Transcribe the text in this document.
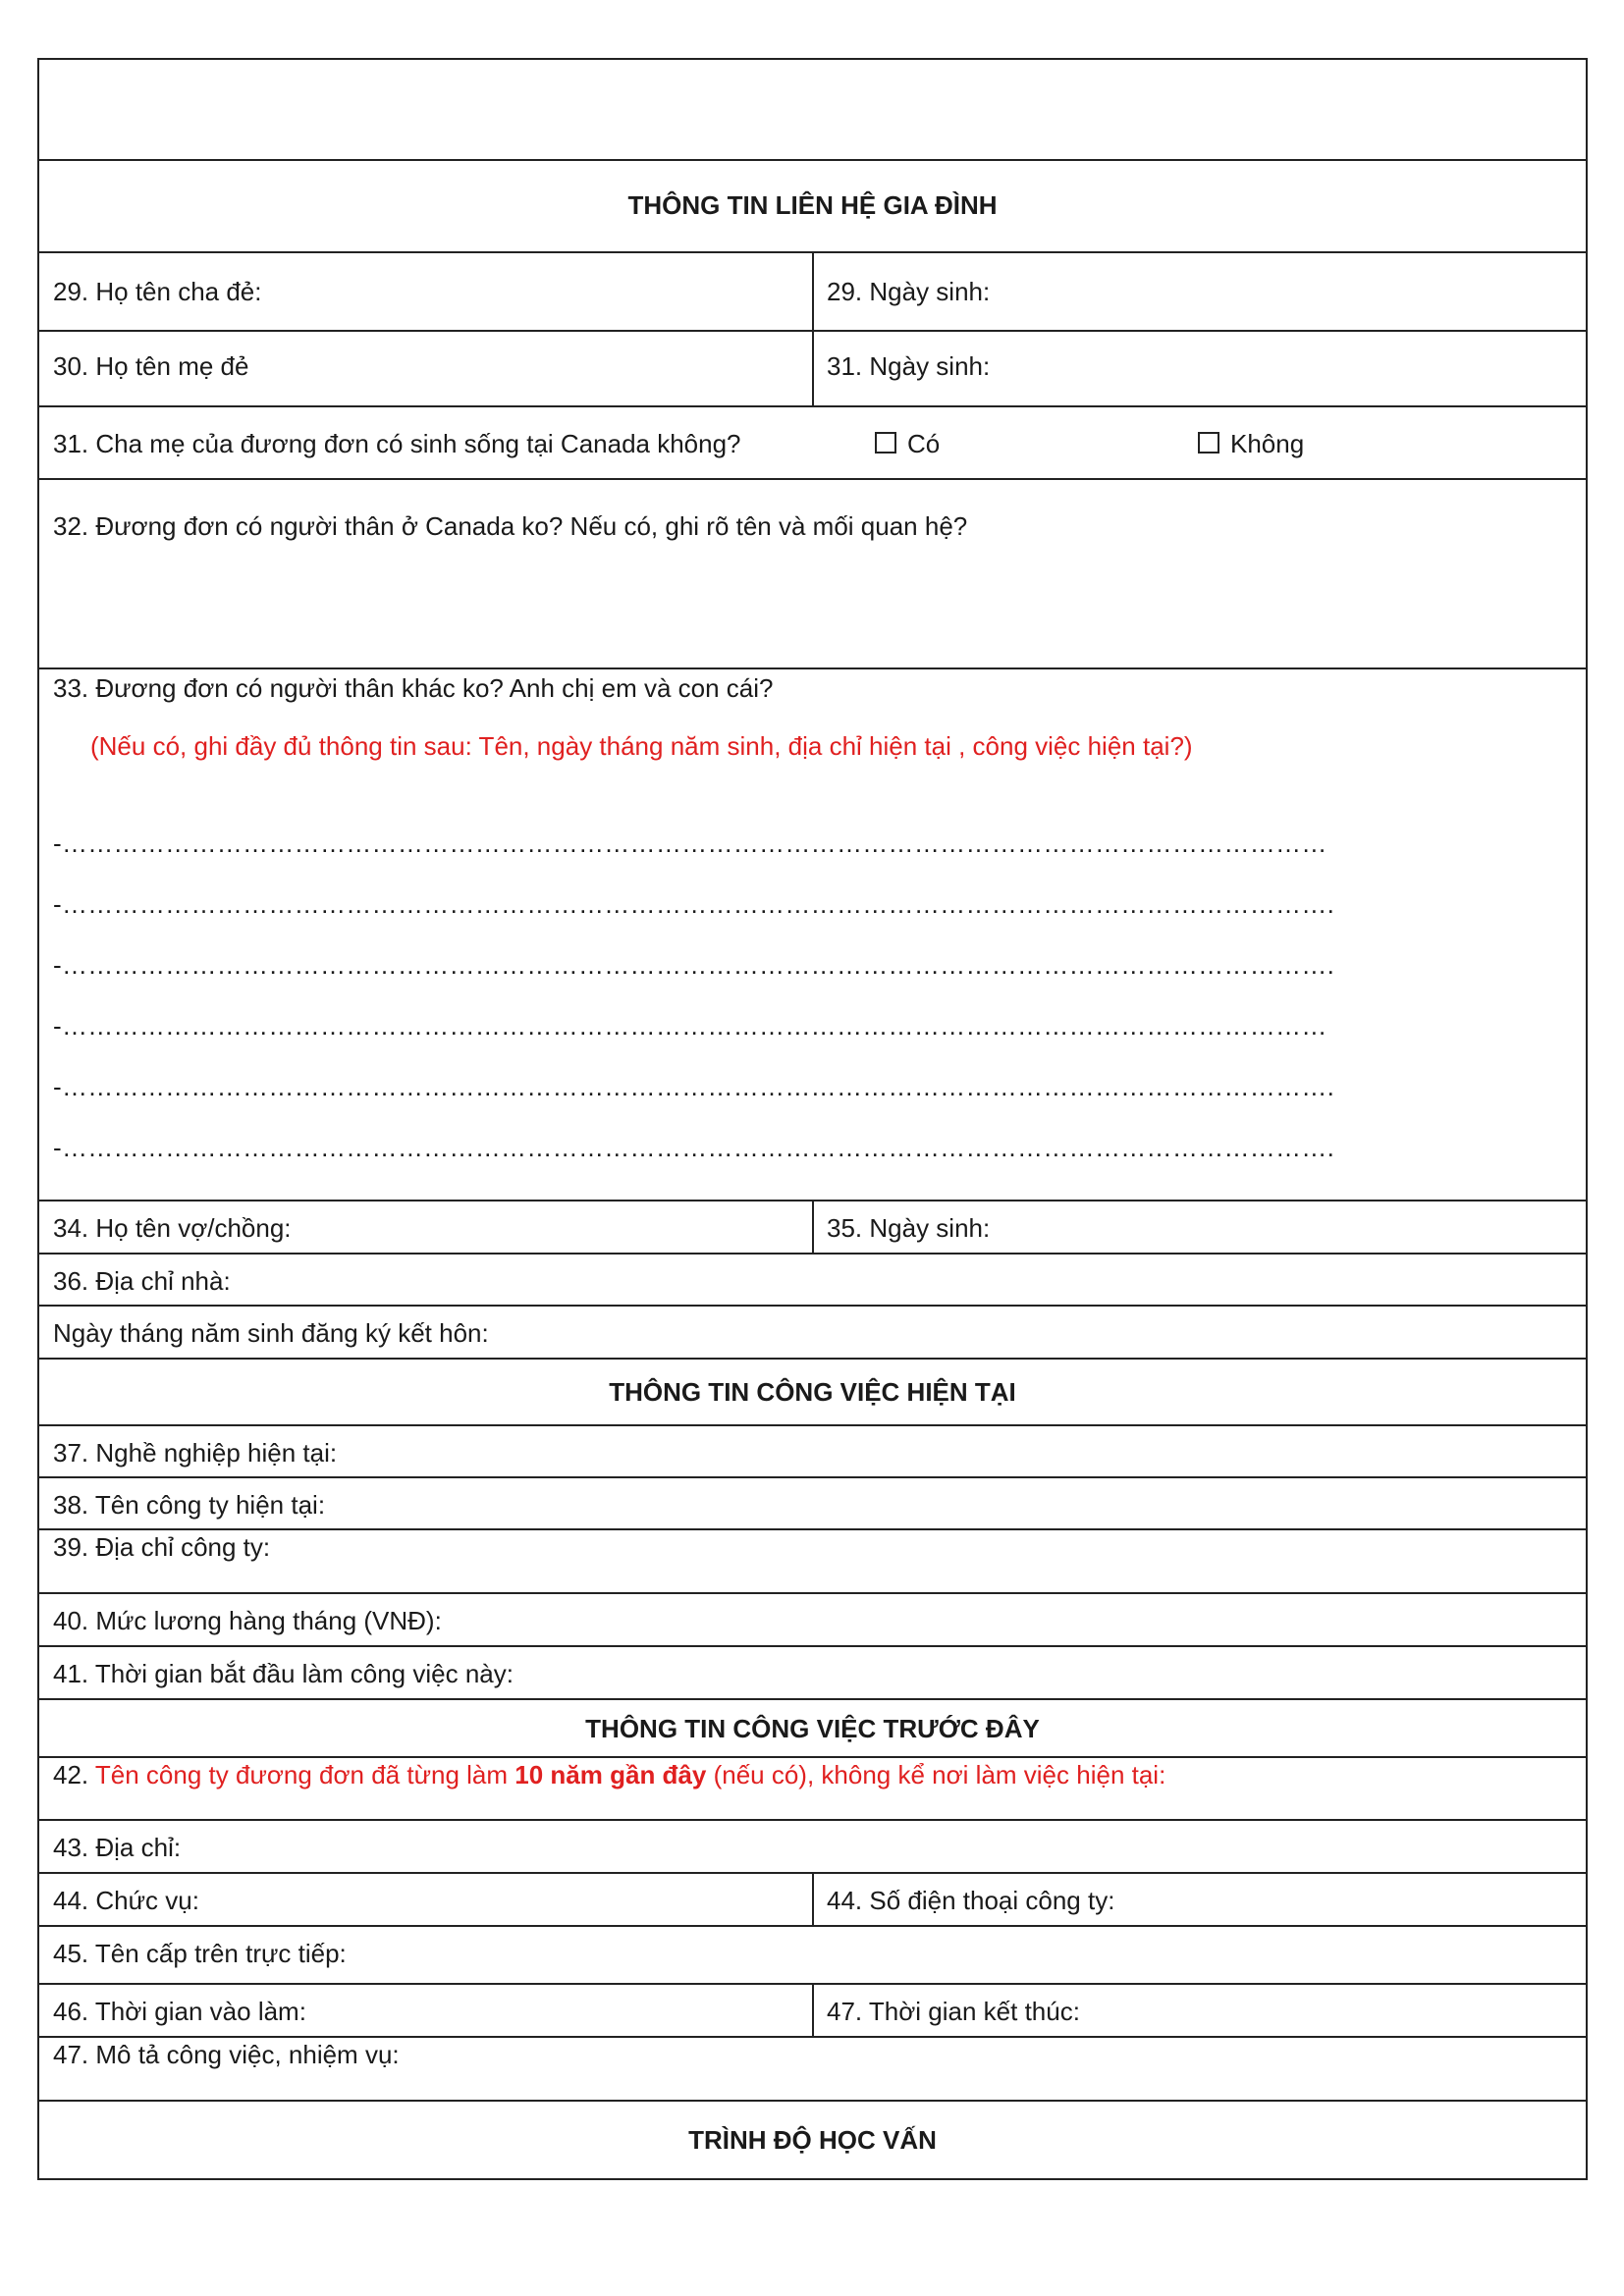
THÔNG TIN LIÊN HỆ GIA ĐÌNH
29. Họ tên cha đẻ:	29. Ngày sinh:
30. Họ tên mẹ đẻ	31. Ngày sinh:
31. Cha mẹ của đương đơn có sinh sống tại Canada không?	Có	Không
32. Đương đơn có người thân ở Canada ko? Nếu có, ghi rõ tên và mối quan hệ?
33. Đương đơn có người thân khác ko? Anh chị em và con cái?
(Nếu có, ghi đầy đủ thông tin sau: Tên, ngày tháng năm sinh, địa chỉ hiện tại , công việc hiện tại?)
-…………………………………………………………………………………………………………………………………
-………………………………………………………………………………………………………………………………….
-………………………………………………………………………………………………………………………………….
-…………………………………………………………………………………………………………………………………
-………………………………………………………………………………………………………………………………….
-………………………………………………………………………………………………………………………………….
34. Họ tên vợ/chồng:	35. Ngày sinh:
36. Địa chỉ nhà:
Ngày tháng năm sinh đăng ký kết hôn:
THÔNG TIN CÔNG VIỆC HIỆN TẠI
37. Nghề nghiệp hiện tại:
38. Tên công ty hiện tại:
39. Địa chỉ công ty:
40. Mức lương hàng tháng (VNĐ):
41. Thời gian bắt đầu làm công việc này:
THÔNG TIN CÔNG VIỆC TRƯỚC ĐÂY
42. Tên công ty đương đơn đã từng làm 10 năm gần đây (nếu có), không kể nơi làm việc hiện tại:
43. Địa chỉ:
44. Chức vụ:	44. Số điện thoại công ty:
45. Tên cấp trên trực tiếp:
46. Thời gian vào làm:	47. Thời gian kết thúc:
47. Mô tả công việc, nhiệm vụ:
TRÌNH ĐỘ HỌC VẤN
